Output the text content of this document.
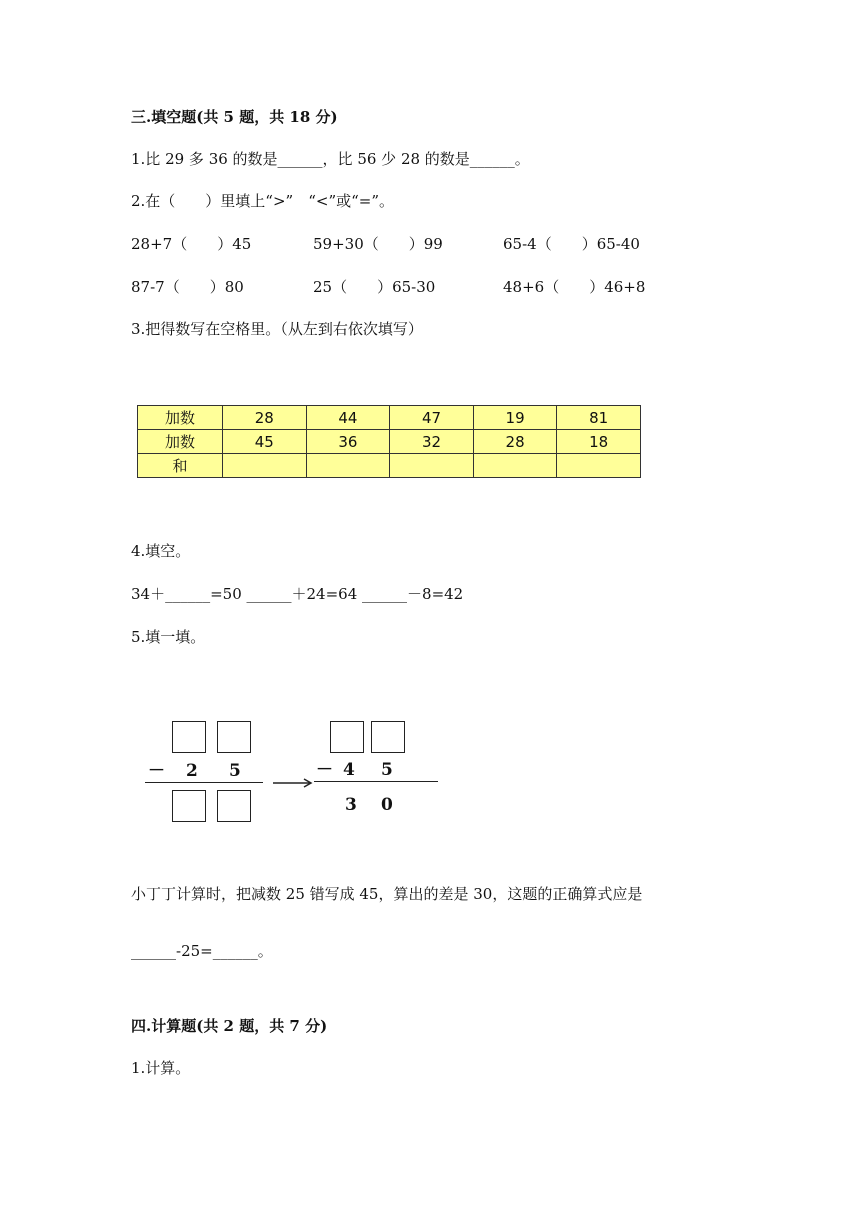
三.填空题(共 5 题，共 18 分)
1.比 29 多 36 的数是______，比 56 少 28 的数是______。
2.在（　　）里填上“>”　“<”或“=”。
28+7（　　）45	59+30（　　）99	65-4（　　）65-40
87-7（　　）80	25（　　）65-30	48+6（　　）46+8
3.把得数写在空格里。（从左到右依次填写）
加数	28	44	47	19	81
加数	45	36	32	28	18
和					
4.填空。
34＋______=50 ______＋24=64 ______－8=42
5.填一填。
－ 2 5	－ 4 5
3 0
小丁丁计算时，把减数 25 错写成 45，算出的差是 30，这题的正确算式应是
______-25=______。
四.计算题(共 2 题，共 7 分)
1.计算。
